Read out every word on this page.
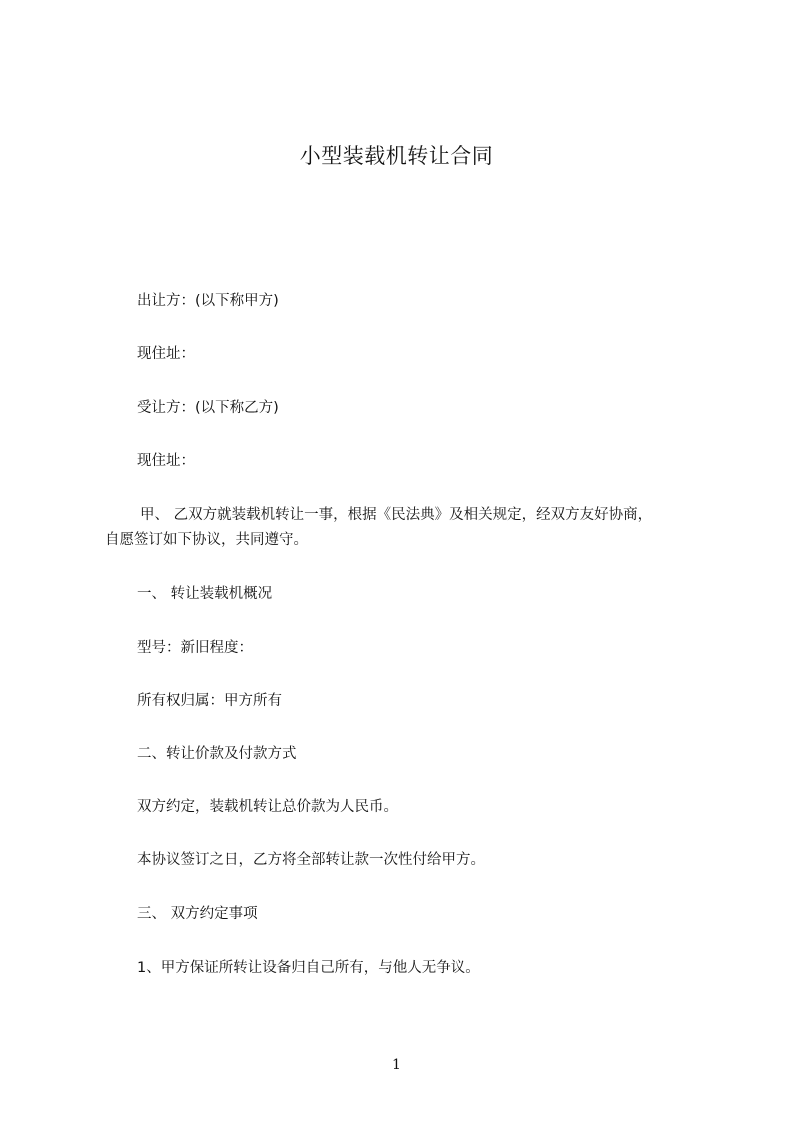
小型装载机转让合同
出让方：(以下称甲方)
现住址：
受让方：(以下称乙方)
现住址：
甲、 乙双方就装载机转让一事，根据《民法典》及相关规定，经双方友好协商，
自愿签订如下协议，共同遵守。
一、 转让装载机概况
型号：新旧程度：
所有权归属：甲方所有
二、转让价款及付款方式
双方约定，装载机转让总价款为人民币。
本协议签订之日，乙方将全部转让款一次性付给甲方。
三、 双方约定事项
1、甲方保证所转让设备归自己所有，与他人无争议。
1
